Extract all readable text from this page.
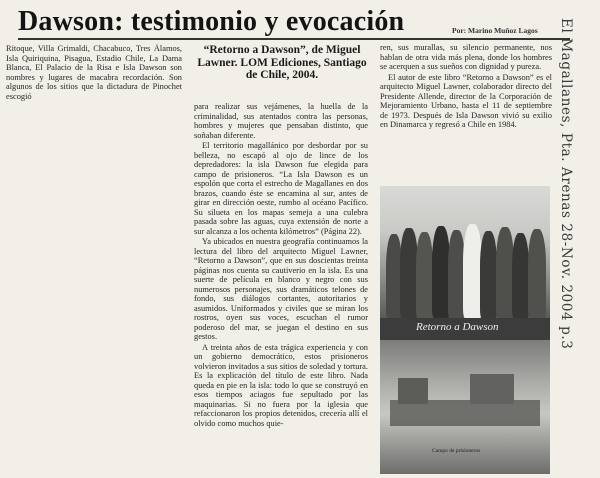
Dawson: testimonio y evocación	Por: Marino Muñoz Lagos

Ritoque, Villa Grimaldi, Chacabuco, Tres Álamos, Isla Quiriquina, Pisagua, Estadio Chile, La Dama Blanca, El Palacio de la Risa e Isla Dawson son nombres y lugares de macabra recordación. Son algunos de los sitios que la dictadura de Pinochet escogió

“Retorno a Dawson”, de Miguel Lawner. LOM Ediciones, Santiago de Chile, 2004.

para realizar sus vejámenes, la huella de la criminalidad, sus atentados contra las personas, hombres y mujeres que pensaban distinto, que soñaban diferente.

El territorio magallánico por desbordar por su belleza, no escapó al ojo de lince de los depredadores: la isla Dawson fue elegida para campo de prisioneros. “La Isla Dawson es un espolón que corta el estrecho de Magallanes en dos brazos, cuando éste se encamina al sur, antes de girar en dirección oeste, rumbo al océano Pacífico. Su silueta en los mapas semeja a una culebra pasada sobre las aguas, cuya extensión de norte a sur alcanza a los ochenta kilómetros” (Página 22).

Ya ubicados en nuestra geografía continuamos la lectura del libro del arquitecto Miguel Lawner, “Retorno a Dawson”, que en sus doscientas treinta páginas nos cuenta su cautiverio en la isla. Es una suerte de película en blanco y negro con sus numerosos personajes, sus dramáticos telones de fondo, sus diálogos cortantes, autoritarios y asumidos. Uniformados y civiles que se miran los rostros, oyen sus voces, escuchan el rumor poderoso del mar, se juegan el destino en sus gestos.

A treinta años de esta trágica experiencia y con un gobierno democrático, estos prisioneros volvieron invitados a sus sitios de soledad y tortura. Es la explicación del título de este libro. Nada queda en pie en la isla: todo lo que se construyó en esos tiempos aciagos fue sepultado por las maquinarias. Si no fuera por la iglesia que refaccionaron los propios detenidos, crecería allí el olvido como muchos quie-

ren, sus murallas, su silencio permanente, nos hablan de otra vida más plena, donde los hombres se acerquen a sus sueños con dignidad y pureza.

El autor de este libro “Retorno a Dawson” es el arquitecto Miguel Lawner, colaborador directo del Presidente Allende, director de la Corporación de Mejoramiento Urbano, hasta el 11 de septiembre de 1973. Después de Isla Dawson vivió su exilio en Dinamarca y regresó a Chile en 1984.

Retorno a Dawson
Campo de prisioneros
El Magallanes, Pta. Arenas 28-Nov. 2004 p.3
